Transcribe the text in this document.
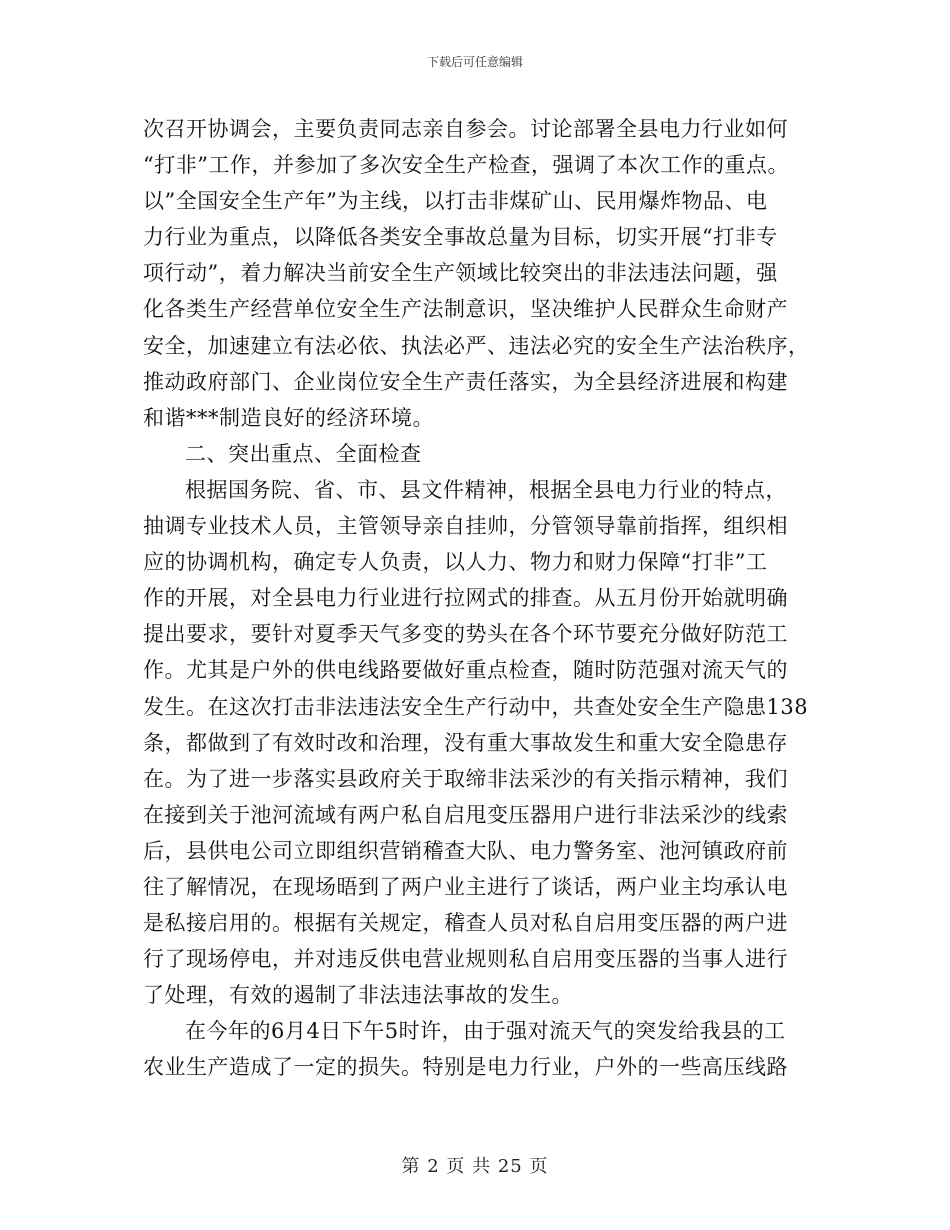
下载后可任意编辑
次召开协调会，主要负责同志亲自参会。讨论部署全县电力行业如何
“打非”工作，并参加了多次安全生产检查，强调了本次工作的重点。
以”全国安全生产年”为主线，以打击非煤矿山、民用爆炸物品、电
力行业为重点，以降低各类安全事故总量为目标，切实开展“打非专
项行动”，着力解决当前安全生产领域比较突出的非法违法问题，强
化各类生产经营单位安全生产法制意识，坚决维护人民群众生命财产
安全，加速建立有法必依、执法必严、违法必究的安全生产法治秩序，
推动政府部门、企业岗位安全生产责任落实，为全县经济进展和构建
和谐***制造良好的经济环境。
二、突出重点、全面检查
根据国务院、省、市、县文件精神，根据全县电力行业的特点，
抽调专业技术人员，主管领导亲自挂帅，分管领导靠前指挥，组织相
应的协调机构，确定专人负责，以人力、物力和财力保障“打非”工
作的开展，对全县电力行业进行拉网式的排查。从五月份开始就明确
提出要求，要针对夏季天气多变的势头在各个环节要充分做好防范工
作。尤其是户外的供电线路要做好重点检查，随时防范强对流天气的
发生。在这次打击非法违法安全生产行动中，共查处安全生产隐患138
条，都做到了有效时改和治理，没有重大事故发生和重大安全隐患存
在。为了进一步落实县政府关于取缔非法采沙的有关指示精神，我们
在接到关于池河流域有两户私自启甩变压器用户进行非法采沙的线索
后，县供电公司立即组织营销稽查大队、电力警务室、池河镇政府前
往了解情况，在现场晤到了两户业主进行了谈话，两户业主均承认电
是私接启用的。根据有关规定，稽查人员对私自启用变压器的两户进
行了现场停电，并对违反供电营业规则私自启用变压器的当事人进行
了处理，有效的遏制了非法违法事故的发生。
在今年的6月4日下午5时许，由于强对流天气的突发给我县的工
农业生产造成了一定的损失。特别是电力行业，户外的一些高压线路
第 2 页 共 25 页
